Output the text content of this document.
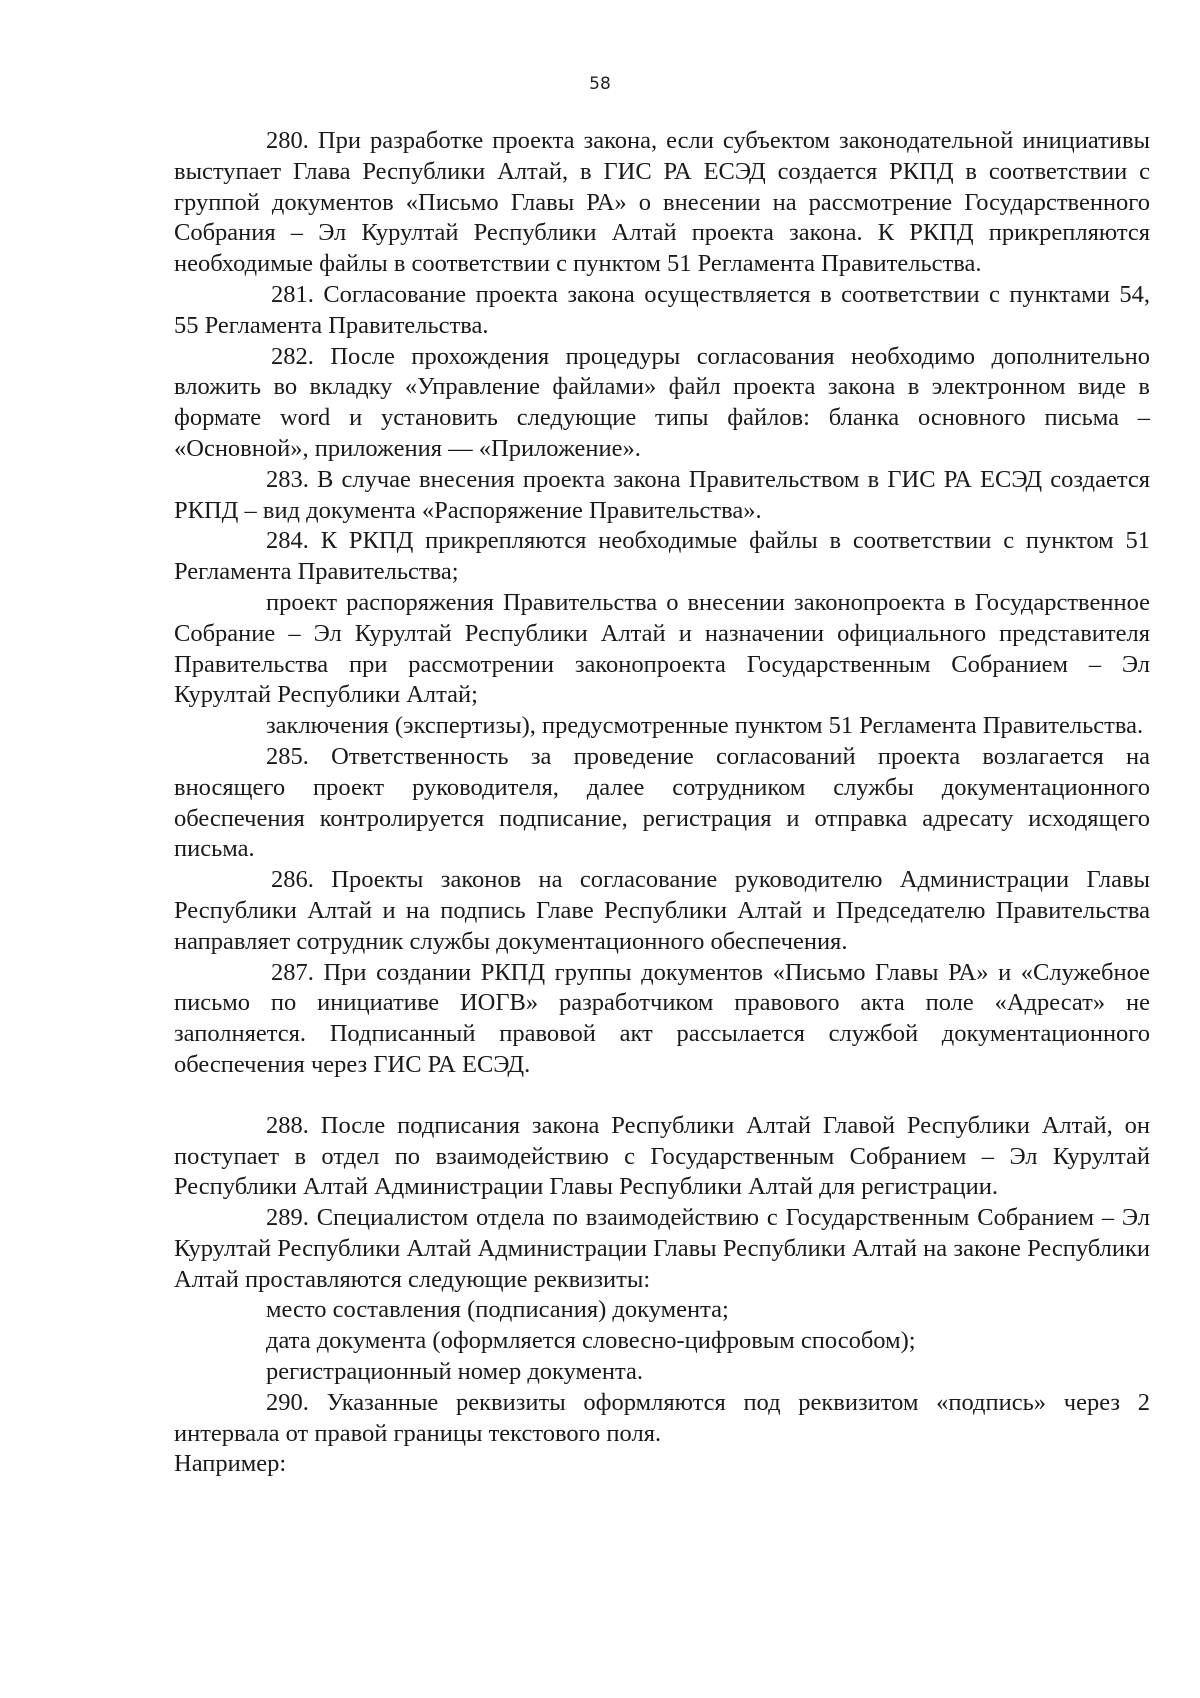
58

280. При разработке проекта закона, если субъектом законодательной инициативы выступает Глава Республики Алтай, в ГИС РА ЕСЭД создается РКПД в соответствии с группой документов «Письмо Главы РА» о внесении на рассмотрение Государственного Собрания – Эл Курултай Республики Алтай проекта закона. К РКПД прикрепляются необходимые файлы в соответствии с пунктом 51 Регламента Правительства.

281. Согласование проекта закона осуществляется в соответствии с пунктами 54, 55 Регламента Правительства.

282. После прохождения процедуры согласования необходимо дополнительно вложить во вкладку «Управление файлами» файл проекта закона в электронном виде в формате word и установить следующие типы файлов: бланка основного письма – «Основной», приложения — «Приложение».

283. В случае внесения проекта закона Правительством в ГИС РА ЕСЭД создается РКПД – вид документа «Распоряжение Правительства».

284. К РКПД прикрепляются необходимые файлы в соответствии с пунктом 51 Регламента Правительства;

проект распоряжения Правительства о внесении законопроекта в Государственное Собрание – Эл Курултай Республики Алтай и назначении официального представителя Правительства при рассмотрении законопроекта Государственным Собранием – Эл Курултай Республики Алтай;

заключения (экспертизы), предусмотренные пунктом 51 Регламента Правительства.

285. Ответственность за проведение согласований проекта возлагается на вносящего проект руководителя, далее сотрудником службы документационного обеспечения контролируется подписание, регистрация и отправка адресату исходящего письма.

286. Проекты законов на согласование руководителю Администрации Главы Республики Алтай и на подпись Главе Республики Алтай и Председателю Правительства направляет сотрудник службы документационного обеспечения.

287. При создании РКПД группы документов «Письмо Главы РА» и «Служебное письмо по инициативе ИОГВ» разработчиком правового акта поле «Адресат» не заполняется. Подписанный правовой акт рассылается службой документационного обеспечения через ГИС РА ЕСЭД.

288. После подписания закона Республики Алтай Главой Республики Алтай, он поступает в отдел по взаимодействию с Государственным Собранием – Эл Курултай Республики Алтай Администрации Главы Республики Алтай для регистрации.

289. Специалистом отдела по взаимодействию с Государственным Собранием – Эл Курултай Республики Алтай Администрации Главы Республики Алтай на законе Республики Алтай проставляются следующие реквизиты:

место составления (подписания) документа;

дата документа (оформляется словесно-цифровым способом);

регистрационный номер документа.

290. Указанные реквизиты оформляются под реквизитом «подпись» через 2 интервала от правой границы текстового поля.

Например:
